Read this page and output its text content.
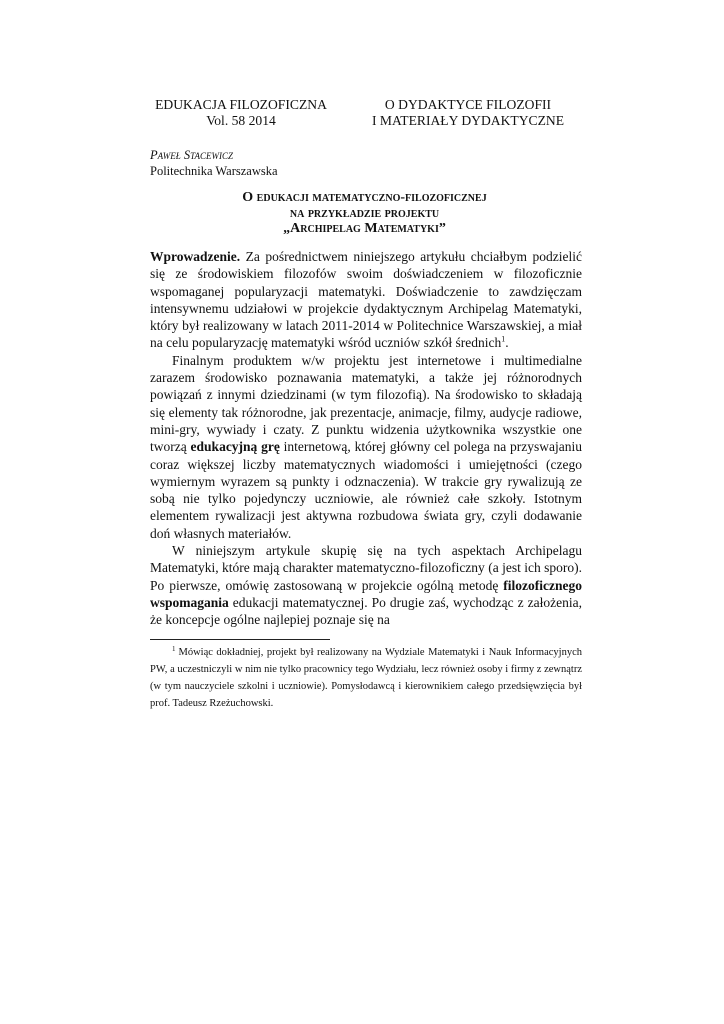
EDUKACJA FILOZOFICZNA
Vol. 58 2014
O DYDAKTYCE FILOZOFII
I MATERIAŁY DYDAKTYCZNE
Paweł Stacewicz
Politechnika Warszawska
O edukacji matematyczno-filozoficznej
na przykładzie projektu
„Archipelag Matematyki”

Wprowadzenie. Za pośrednictwem niniejszego artykułu chciałbym podzielić się ze środowiskiem filozofów swoim doświadczeniem w filozoficznie wspomaganej popularyzacji matematyki. Doświadczenie to zawdzięczam intensywnemu udziałowi w projekcie dydaktycznym Archipelag Matematyki, który był realizowany w latach 2011-2014 w Politechnice Warszawskiej, a miał na celu popularyzację matematyki wśród uczniów szkół średnich$^1$.

Finalnym produktem w/w projektu jest internetowe i multimedialne zarazem środowisko poznawania matematyki, a także jej różnorodnych powiązań z innymi dziedzinami (w tym filozofią). Na środowisko to składają się elementy tak różnorodne, jak prezentacje, animacje, filmy, audycje radiowe, mini-gry, wywiady i czaty. Z punktu widzenia użytkownika wszystkie one tworzą edukacyjną grę internetową, której główny cel polega na przyswajaniu coraz większej liczby matematycznych wiadomości i umiejętności (czego wymiernym wyrazem są punkty i odznaczenia). W trakcie gry rywalizują ze sobą nie tylko pojedynczy uczniowie, ale również całe szkoły. Istotnym elementem rywalizacji jest aktywna rozbudowa świata gry, czyli dodawanie doń własnych materiałów.

W niniejszym artykule skupię się na tych aspektach Archipelagu Matematyki, które mają charakter matematyczno-filozoficzny (a jest ich sporo). Po pierwsze, omówię zastosowaną w projekcie ogólną metodę filozoficznego wspomagania edukacji matematycznej. Po drugie zaś, wychodząc z założenia, że koncepcje ogólne najlepiej poznaje się na

$^1$ Mówiąc dokładniej, projekt był realizowany na Wydziale Matematyki i Nauk Informacyjnych PW, a uczestniczyli w nim nie tylko pracownicy tego Wydziału, lecz również osoby i firmy z zewnątrz (w tym nauczyciele szkolni i uczniowie). Pomysłodawcą i kierownikiem całego przedsięwzięcia był prof. Tadeusz Rzeżuchowski.
